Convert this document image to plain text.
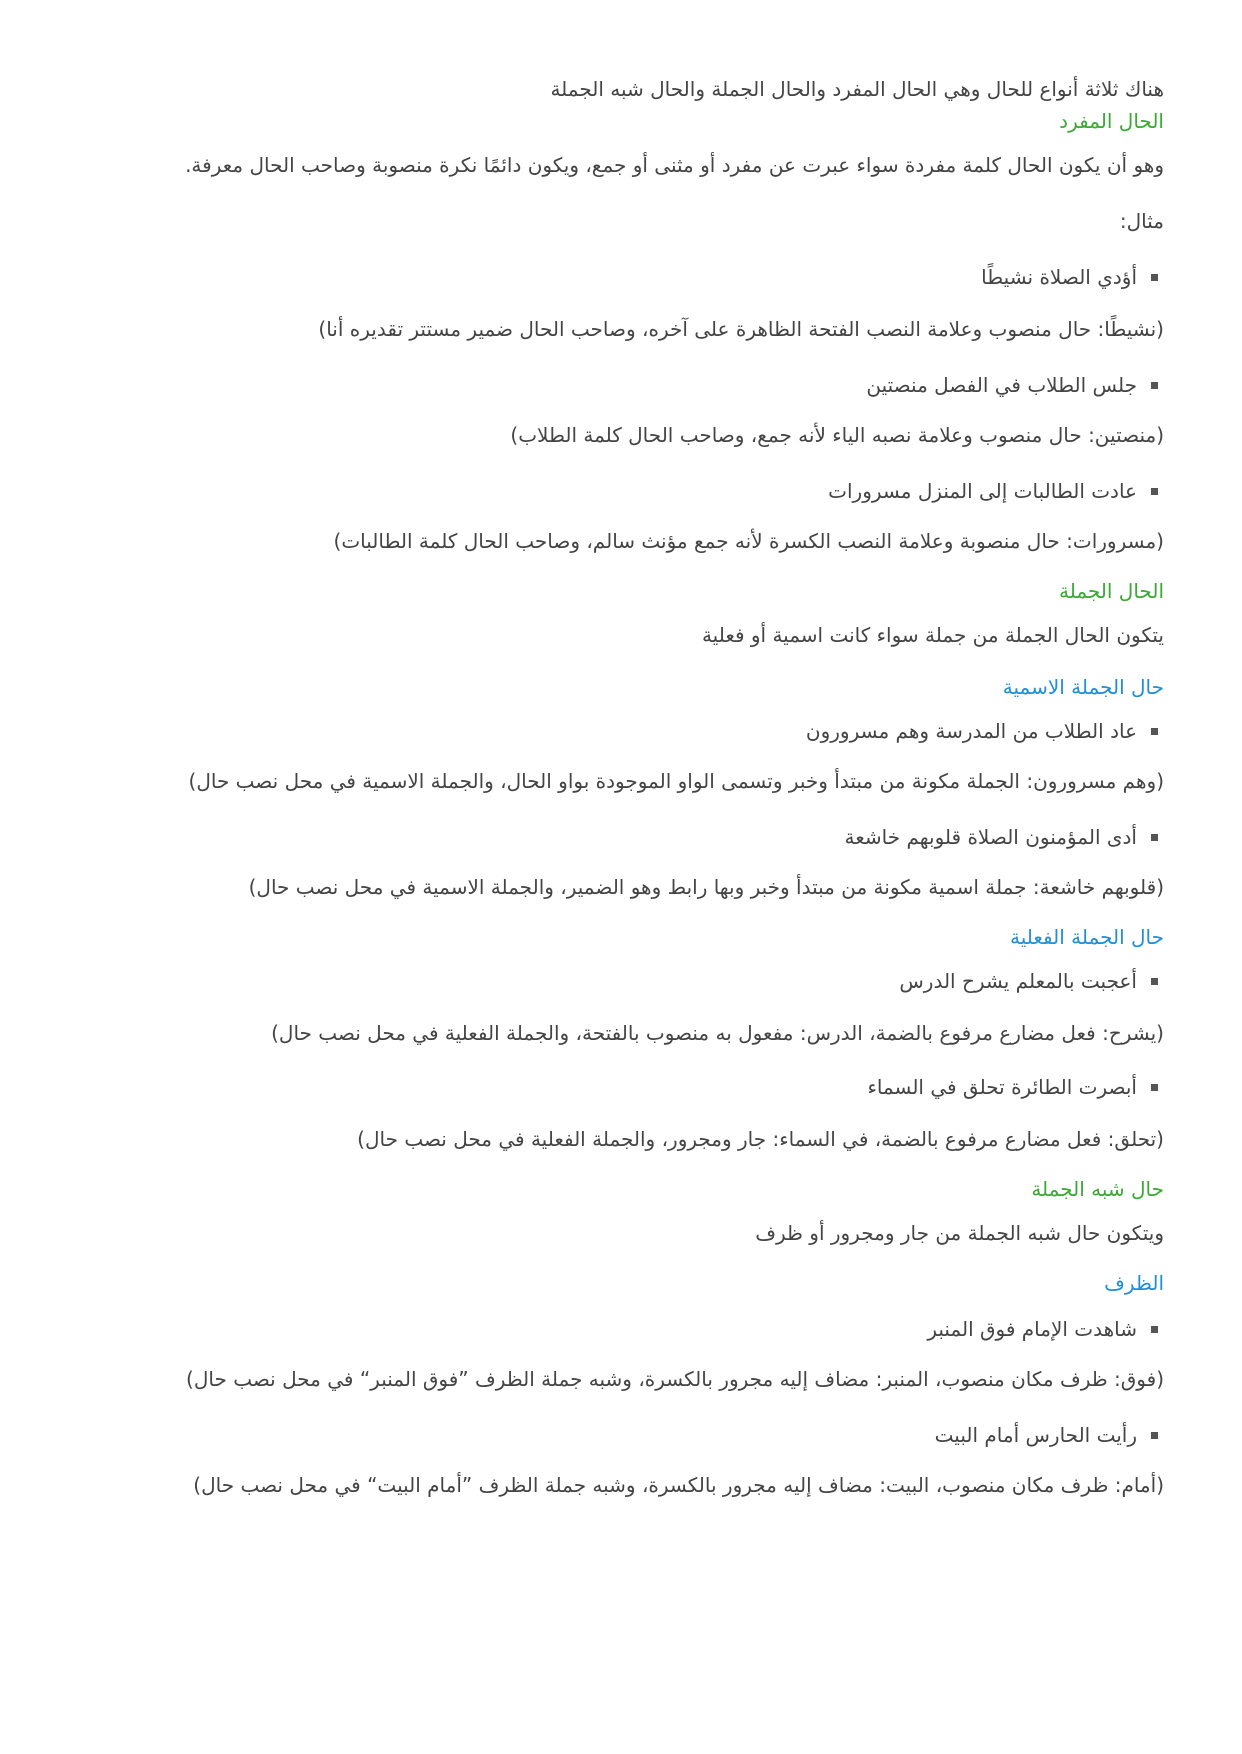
هناك ثلاثة أنواع للحال وهي الحال المفرد والحال الجملة والحال شبه الجملة

الحال المفرد

وهو أن يكون الحال كلمة مفردة سواء عبرت عن مفرد أو مثنى أو جمع، ويكون دائمًا نكرة منصوبة وصاحب الحال معرفة.

مثال:

أؤدي الصلاة نشيطًا

(نشيطًا: حال منصوب وعلامة النصب الفتحة الظاهرة على آخره، وصاحب الحال ضمير مستتر تقديره أنا)

جلس الطلاب في الفصل منصتين

(منصتين: حال منصوب وعلامة نصبه الياء لأنه جمع، وصاحب الحال كلمة الطلاب)

عادت الطالبات إلى المنزل مسرورات

(مسرورات: حال منصوبة وعلامة النصب الكسرة لأنه جمع مؤنث سالم، وصاحب الحال كلمة الطالبات)

الحال الجملة

يتكون الحال الجملة من جملة سواء كانت اسمية أو فعلية

حال الجملة الاسمية
عاد الطلاب من المدرسة وهم مسرورون

(وهم مسرورون: الجملة مكونة من مبتدأ وخبر وتسمى الواو الموجودة بواو الحال، والجملة الاسمية في محل نصب حال)

أدى المؤمنون الصلاة قلوبهم خاشعة

(قلوبهم خاشعة: جملة اسمية مكونة من مبتدأ وخبر وبها رابط وهو الضمير، والجملة الاسمية في محل نصب حال)

حال الجملة الفعلية
أعجبت بالمعلم يشرح الدرس

(يشرح: فعل مضارع مرفوع بالضمة، الدرس: مفعول به منصوب بالفتحة، والجملة الفعلية في محل نصب حال)

أبصرت الطائرة تحلق في السماء

(تحلق: فعل مضارع مرفوع بالضمة، في السماء: جار ومجرور، والجملة الفعلية في محل نصب حال)

حال شبه الجملة

ويتكون حال شبه الجملة من جار ومجرور أو ظرف

الظرف
شاهدت الإمام فوق المنبر

(فوق: ظرف مكان منصوب، المنبر: مضاف إليه مجرور بالكسرة، وشبه جملة الظرف ”فوق المنبر“ في محل نصب حال)

رأيت الحارس أمام البيت

(أمام: ظرف مكان منصوب، البيت: مضاف إليه مجرور بالكسرة، وشبه جملة الظرف ”أمام البيت“ في محل نصب حال)
